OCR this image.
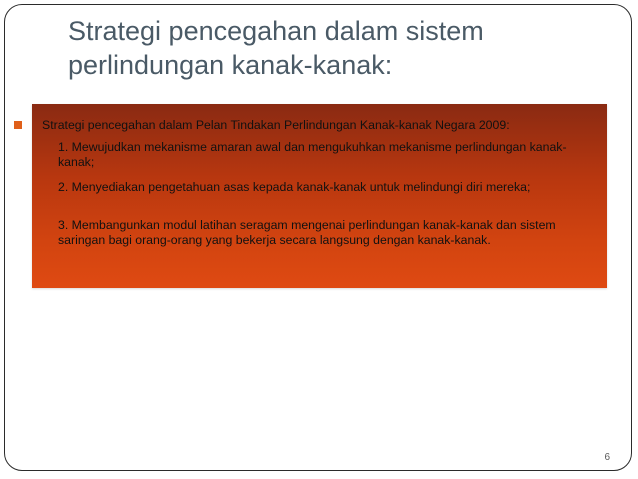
Strategi pencegahan dalam sistem
perlindungan kanak-kanak:
Strategi pencegahan dalam Pelan Tindakan Perlindungan Kanak-kanak Negara 2009:

1. Mewujudkan mekanisme amaran awal dan mengukuhkan mekanisme perlindungan kanak-kanak;

2. Menyediakan pengetahuan asas kepada kanak-kanak untuk melindungi diri mereka;

3. Membangunkan modul latihan seragam mengenai perlindungan kanak-kanak dan sistem saringan bagi orang-orang yang bekerja secara langsung dengan kanak-kanak.

6
